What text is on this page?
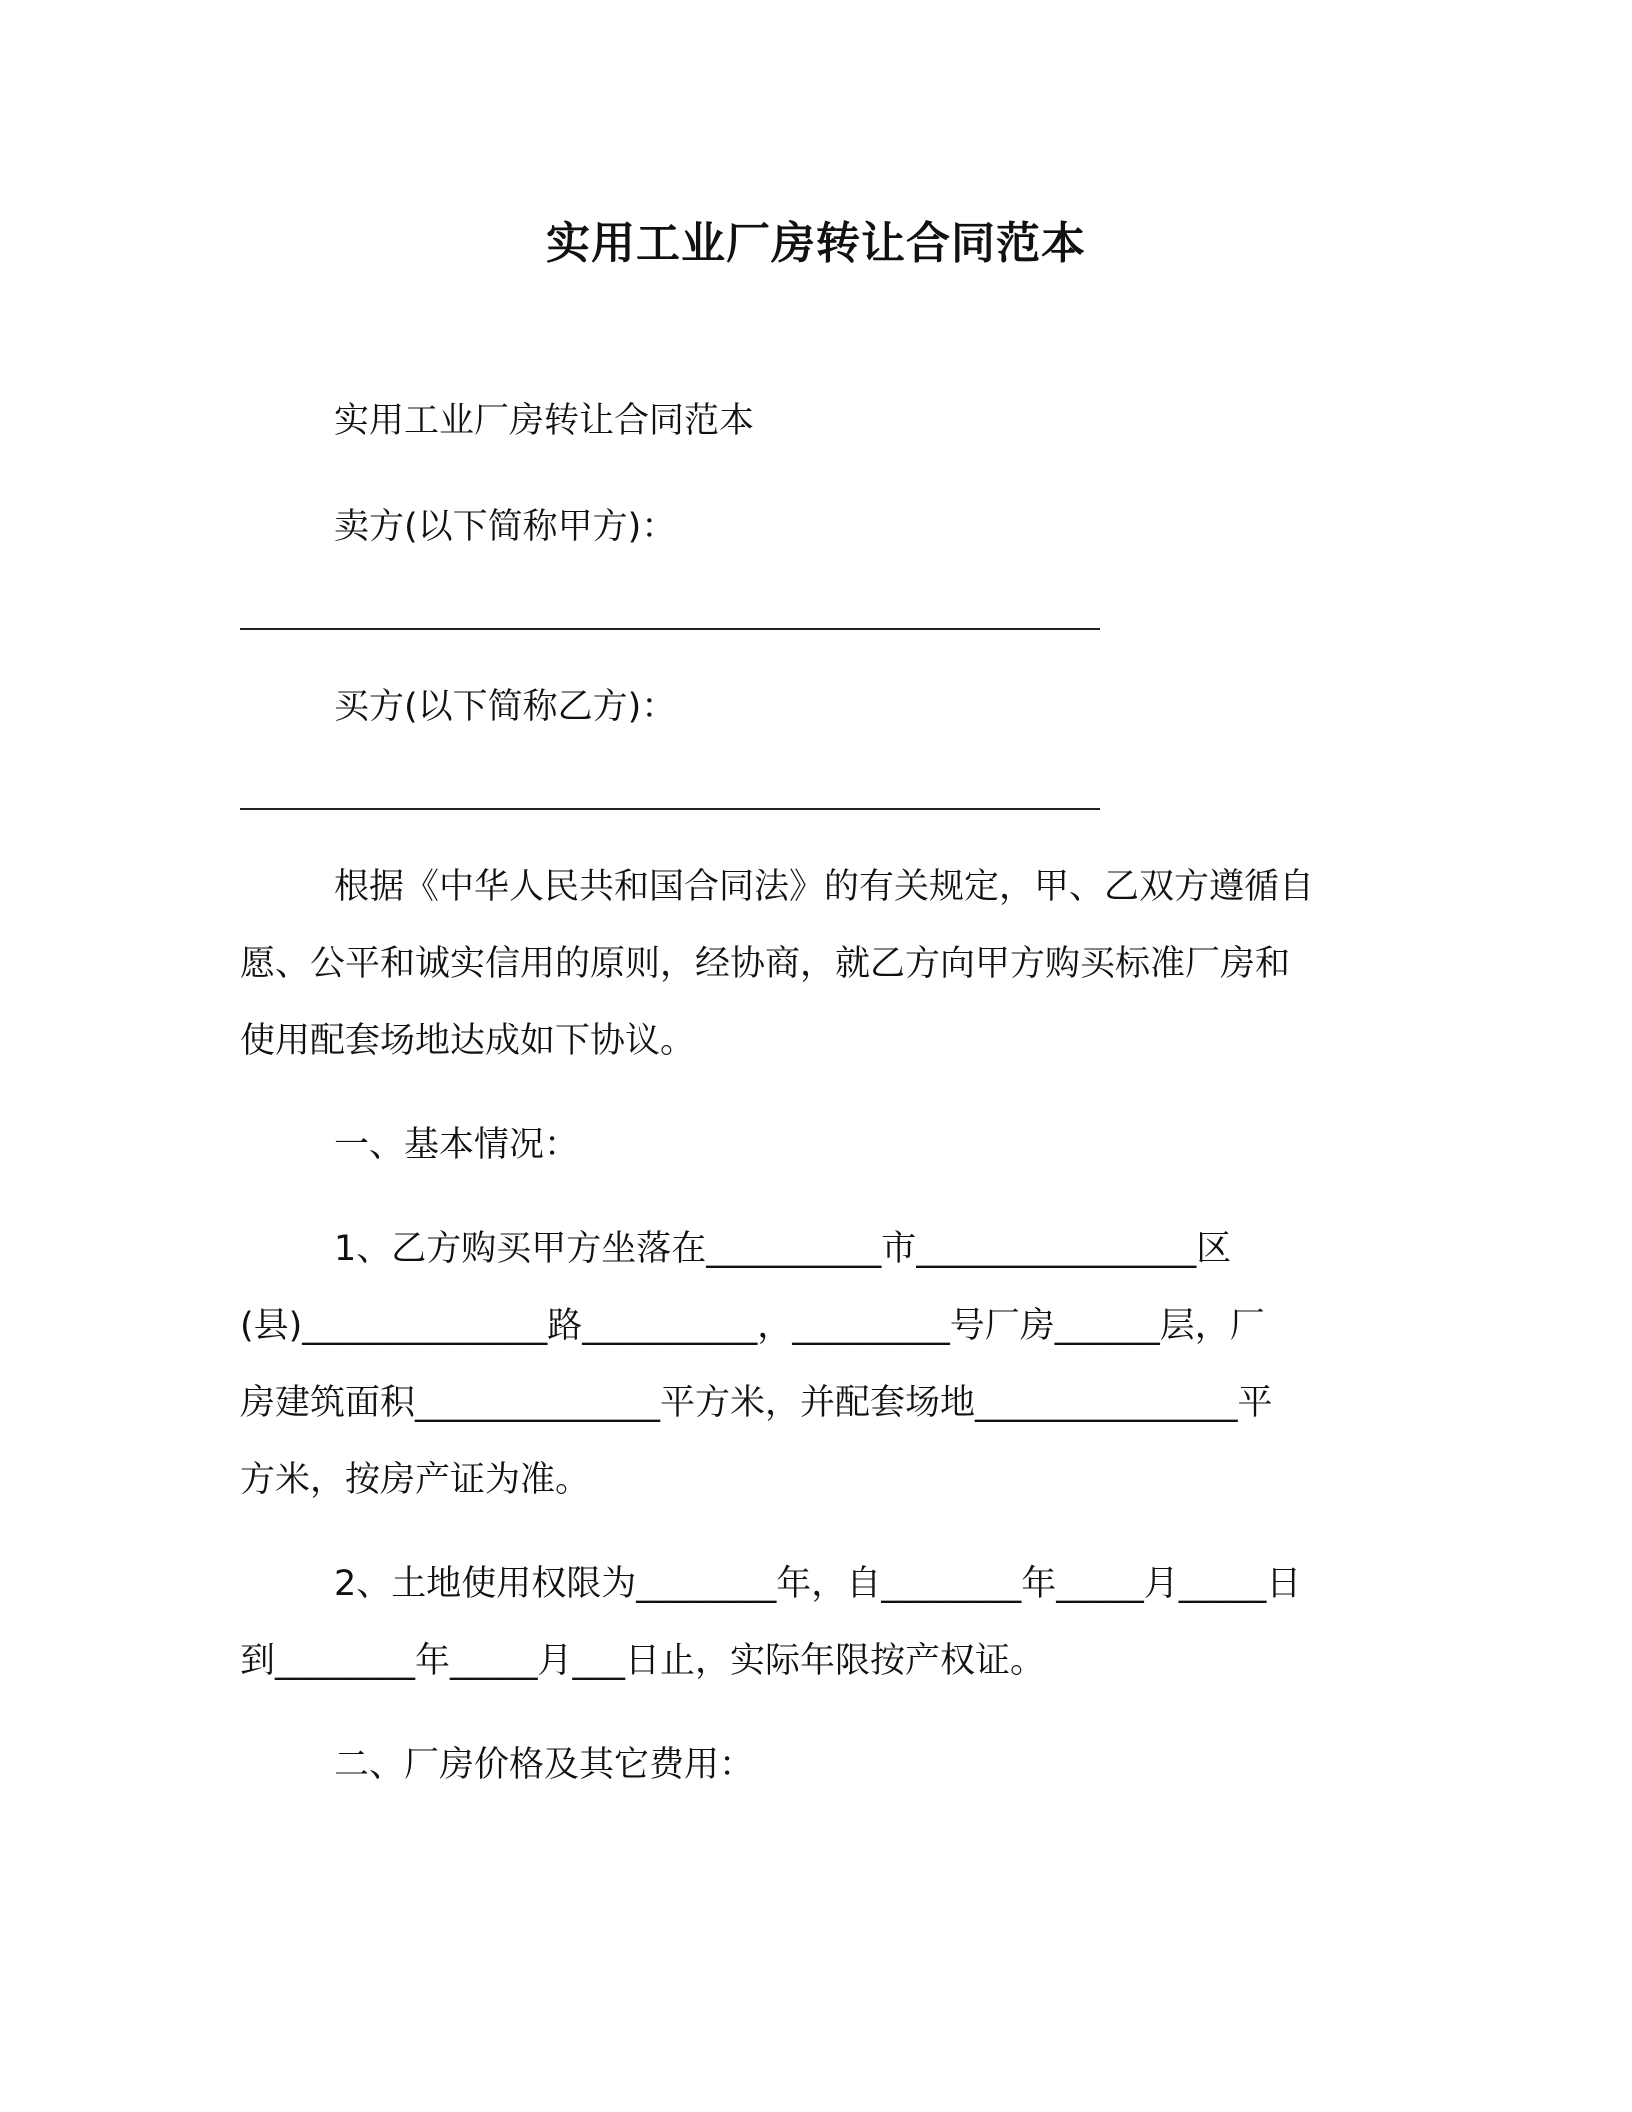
实用工业厂房转让合同范本
实用工业厂房转让合同范本
卖方(以下简称甲方)：
买方(以下简称乙方)：
根据《中华人民共和国合同法》的有关规定，甲、乙双方遵循自
愿、公平和诚实信用的原则，经协商，就乙方向甲方购买标准厂房和
使用配套场地达成如下协议。
一、基本情况：
1、乙方购买甲方坐落在__________市________________区
(县)______________路__________，_________号厂房______层，厂
房建筑面积______________平方米，并配套场地_______________平
方米，按房产证为准。
2、土地使用权限为________年，自________年_____月_____日
到________年_____月___日止，实际年限按产权证。
二、厂房价格及其它费用：
